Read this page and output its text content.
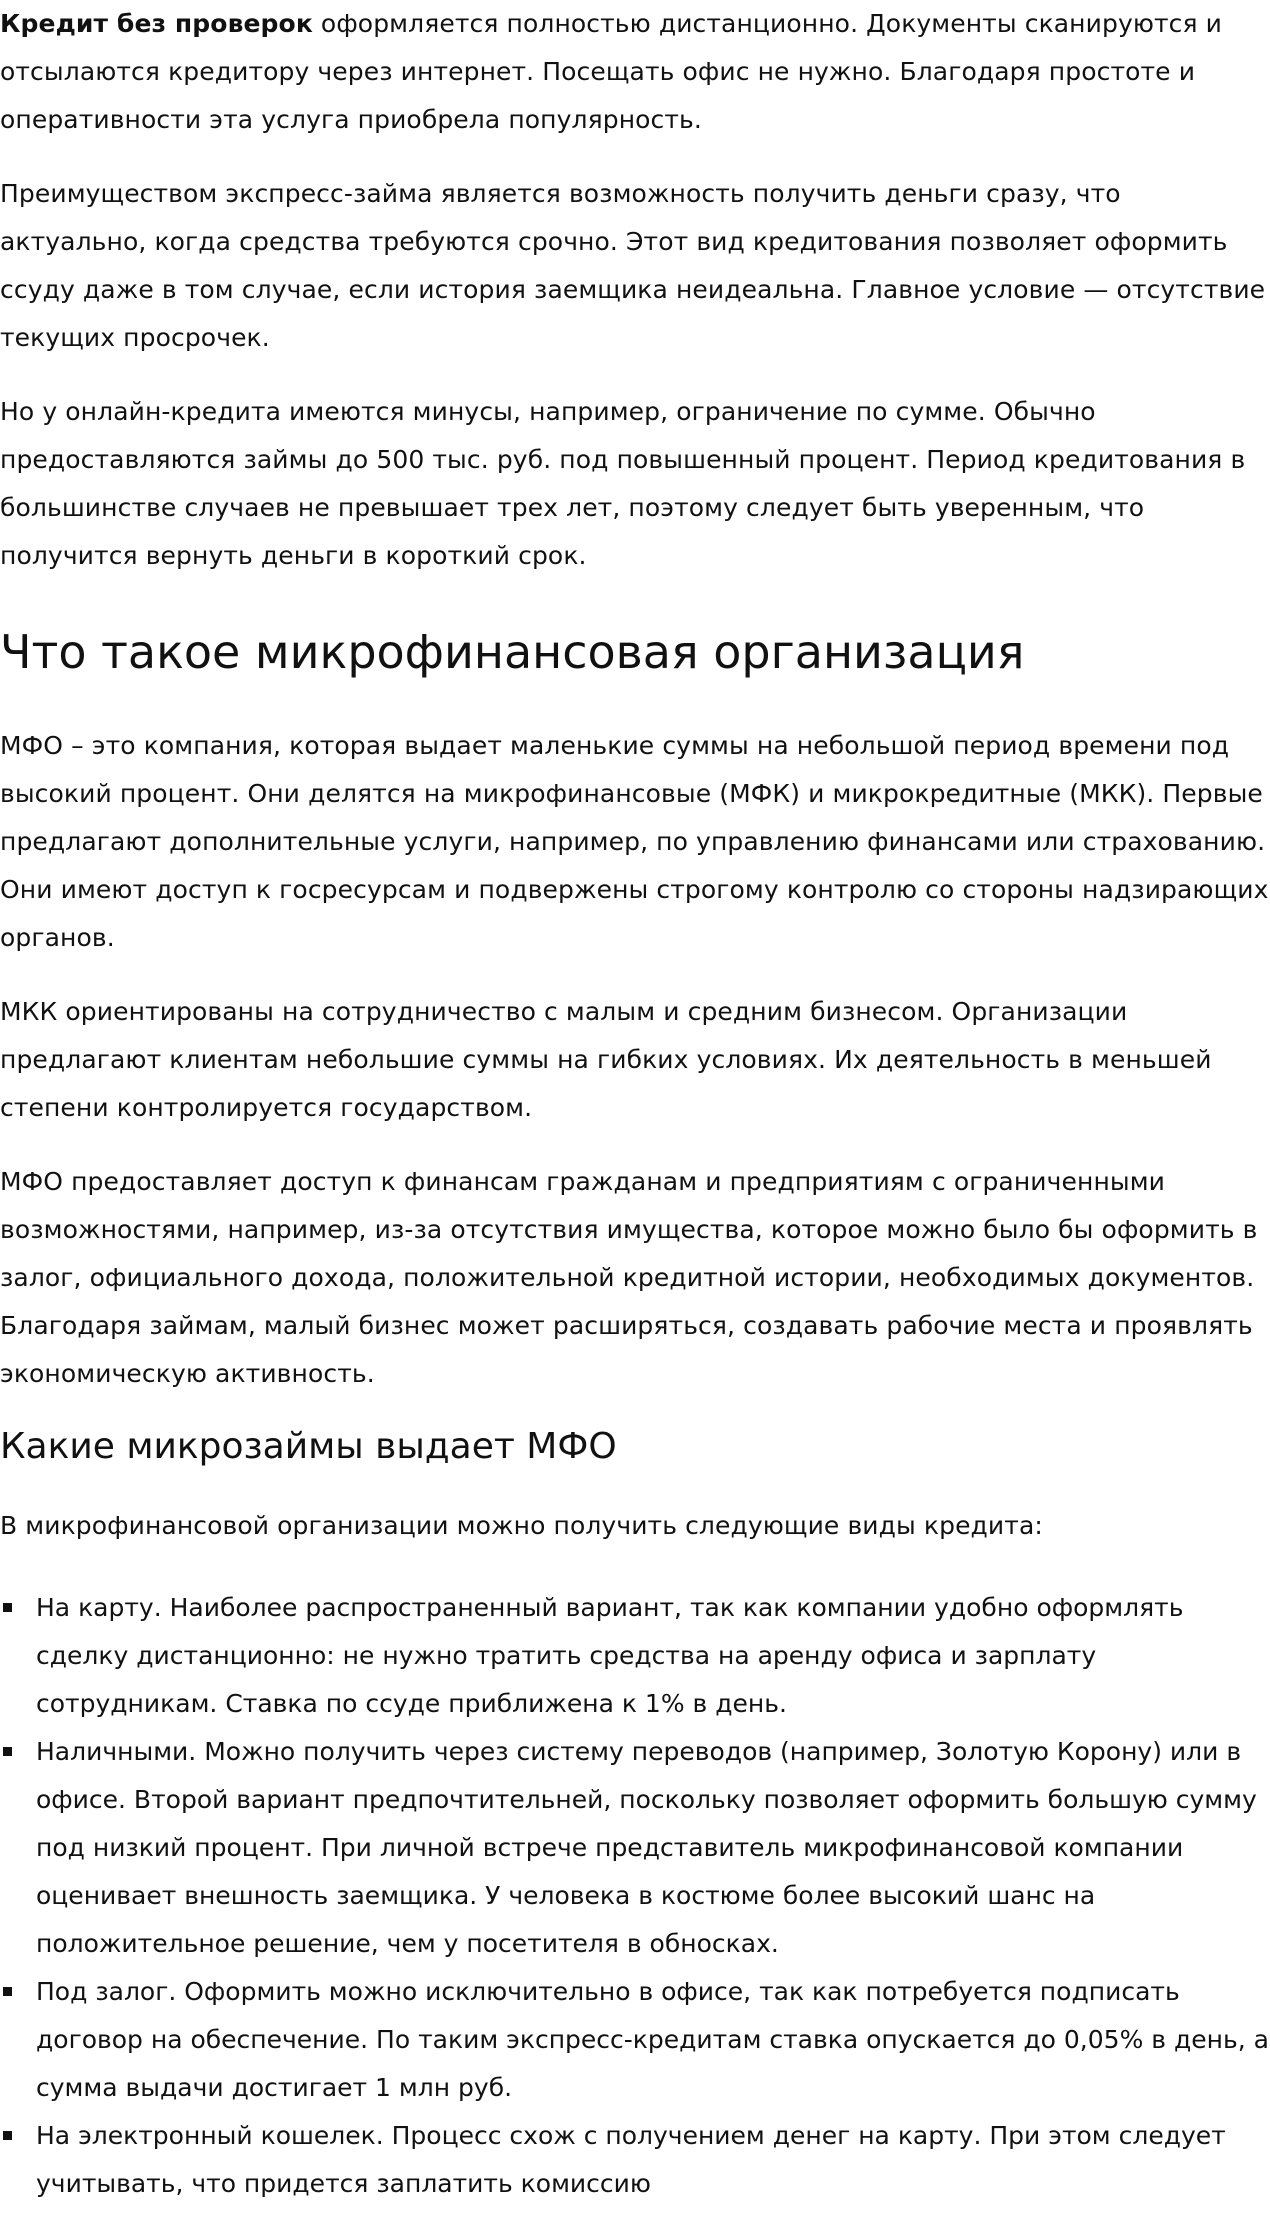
Кредит без проверок оформляется полностью дистанционно. Документы сканируются и отсылаются кредитору через интернет. Посещать офис не нужно. Благодаря простоте и оперативности эта услуга приобрела популярность.

Преимуществом экспресс-займа является возможность получить деньги сразу, что актуально, когда средства требуются срочно. Этот вид кредитования позволяет оформить ссуду даже в том случае, если история заемщика неидеальна. Главное условие — отсутствие текущих просрочек.

Но у онлайн-кредита имеются минусы, например, ограничение по сумме. Обычно предоставляются займы до 500 тыс. руб. под повышенный процент. Период кредитования в большинстве случаев не превышает трех лет, поэтому следует быть уверенным, что получится вернуть деньги в короткий срок.

Что такое микрофинансовая организация

МФО – это компания, которая выдает маленькие суммы на небольшой период времени под высокий процент. Они делятся на микрофинансовые (МФК) и микрокредитные (МКК). Первые предлагают дополнительные услуги, например, по управлению финансами или страхованию. Они имеют доступ к госресурсам и подвержены строгому контролю со стороны надзирающих органов.

МКК ориентированы на сотрудничество с малым и средним бизнесом. Организации предлагают клиентам небольшие суммы на гибких условиях. Их деятельность в меньшей степени контролируется государством.

МФО предоставляет доступ к финансам гражданам и предприятиям с ограниченными возможностями, например, из-за отсутствия имущества, которое можно было бы оформить в залог, официального дохода, положительной кредитной истории, необходимых документов. Благодаря займам, малый бизнес может расширяться, создавать рабочие места и проявлять экономическую активность.

Какие микрозаймы выдает МФО

В микрофинансовой организации можно получить следующие виды кредита:

На карту. Наиболее распространенный вариант, так как компании удобно оформлять сделку дистанционно: не нужно тратить средства на аренду офиса и зарплату сотрудникам. Ставка по ссуде приближена к 1% в день.
Наличными. Можно получить через систему переводов (например, Золотую Корону) или в офисе. Второй вариант предпочтительней, поскольку позволяет оформить большую сумму под низкий процент. При личной встрече представитель микрофинансовой компании оценивает внешность заемщика. У человека в костюме более высокий шанс на положительное решение, чем у посетителя в обносках.
Под залог. Оформить можно исключительно в офисе, так как потребуется подписать договор на обеспечение. По таким экспресс-кредитам ставка опускается до 0,05% в день, а сумма выдачи достигает 1 млн руб.
На электронный кошелек. Процесс схож с получением денег на карту. При этом следует учитывать, что придется заплатить комиссию
